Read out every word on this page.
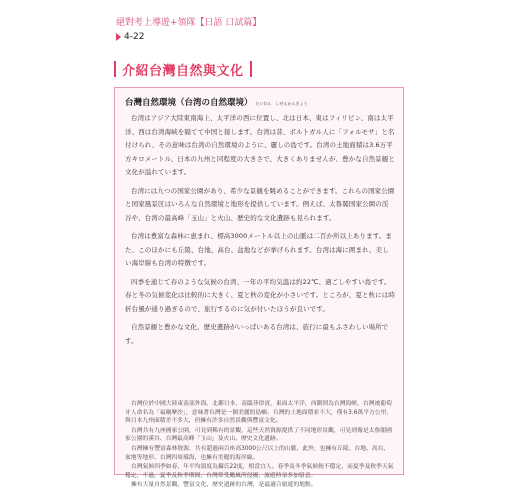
絕對考上導遊+領隊【日語 口試篇】
4-22
介紹台灣自然與文化
台灣自然環境（台湾の自然環境） たいわん　しぜんかんきょう

台湾はアジア大陸東南海上、太平洋の西に位置し、北は日本、東はフィリピン、南は太平洋、西は台湾海峡を隔てて中国と接します。台湾は昔、ポルトガル人に「フォルモサ」と名付けられ、その意味は台湾の自然環境のように、麗しの島です。台湾の土地面積は3.6万平方キロメートル、日本の九州と同程度の大きさで、大きくありませんが、豊かな自然景観と文化が溢れています。

台湾には九つの国家公園があり、希少な景観を眺めることができます。これらの国家公園と国家風景区はいろんな自然環境と地形を提供しています。例えば、太魯閣国家公園の渓谷や、台湾の最高峰「玉山」と火山、歴史的な文化遺跡も見られます。

台湾は豊富な森林に恵まれ、標高3000メートル以上の山脈は二百か所以上あります。また、このほかにも丘陵、台地、高台、盆地などが挙げられます。台湾は海に囲まれ、美しい海岸線も台湾の特徴です。

四季を通じて春のような気候の台湾、一年の平均気温は約22℃、過ごしやすい島です。春と冬の気候変化は比較的に大きく、夏と秋の変化が小さいです。ところが、夏と秋には時折台風が通り過ぎるので、旅行するのに気が付いたほうが良いです。

自然景観と豊かな文化、歴史遺跡がいっぱいある台湾は、旅行に最もふさわしい場所です。

台灣位於中國大陸東南部外海，北鄰日本，南臨菲律賓，東面太平洋，西側則為台灣海峽，台灣被葡萄牙人命名為「福爾摩沙」，意味著台灣是一個美麗的島嶼。台灣的土地面積並不大，僅有3.6萬平方公里，與日本九州面積差不多大，但擁有許多自然景觀與豐富文化。

台灣共有九座國家公園，可見到稀有的景觀，這些天然資源提供了不同地形景觀，可見到像是太魯閣國家公園的溪谷、台灣最高峰「玉山」及火山、歷史文化遺跡。

台灣擁有豐富森林資源，共有超過兩百座高3000公尺以上的山脈，此外，也擁有丘陵、台地、高台、盆地等地形。台灣四周環海，也擁有美麗的海岸線。

台灣氣候四季如春，年平均溫度為攝氏22度，相當宜人。春季及冬季氣候較不穩定，而夏季及秋季天氣穩定，不過，夏季及秋季期間，台灣常受颱風所侵擾，旅遊時須多加留意。

擁有大量自然景觀、豐富文化、歷史遺跡的台灣，是最適合旅遊的地點。
